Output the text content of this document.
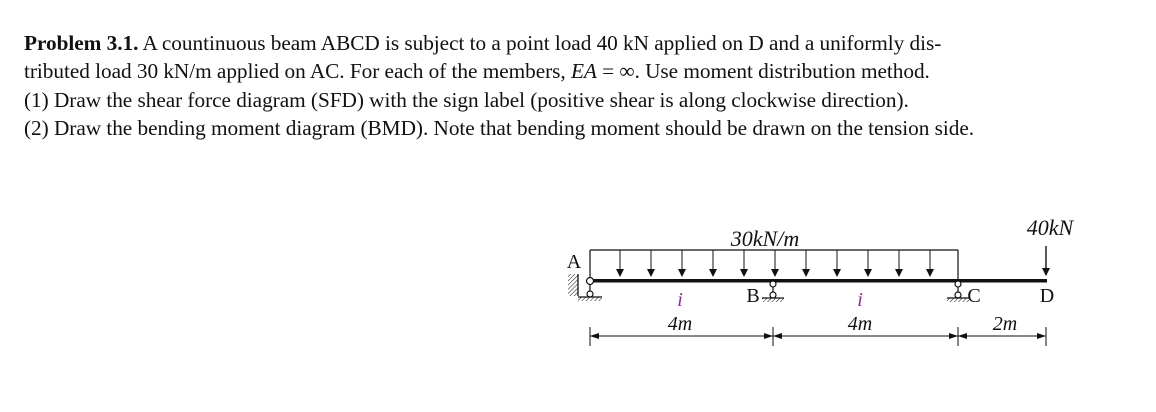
Problem 3.1. A countinuous beam ABCD is subject to a point load 40 kN applied on D and a uniformly dis-

tributed load 30 kN/m applied on AC. For each of the members, EA = ∞. Use moment distribution method.

(1) Draw the shear force diagram (SFD) with the sign label (positive shear is along clockwise direction).

(2) Draw the bending moment diagram (BMD). Note that bending moment should be drawn on the tension side.

30kN/m
A
B	C
40kN
D
i	i
4m	4m	2m
